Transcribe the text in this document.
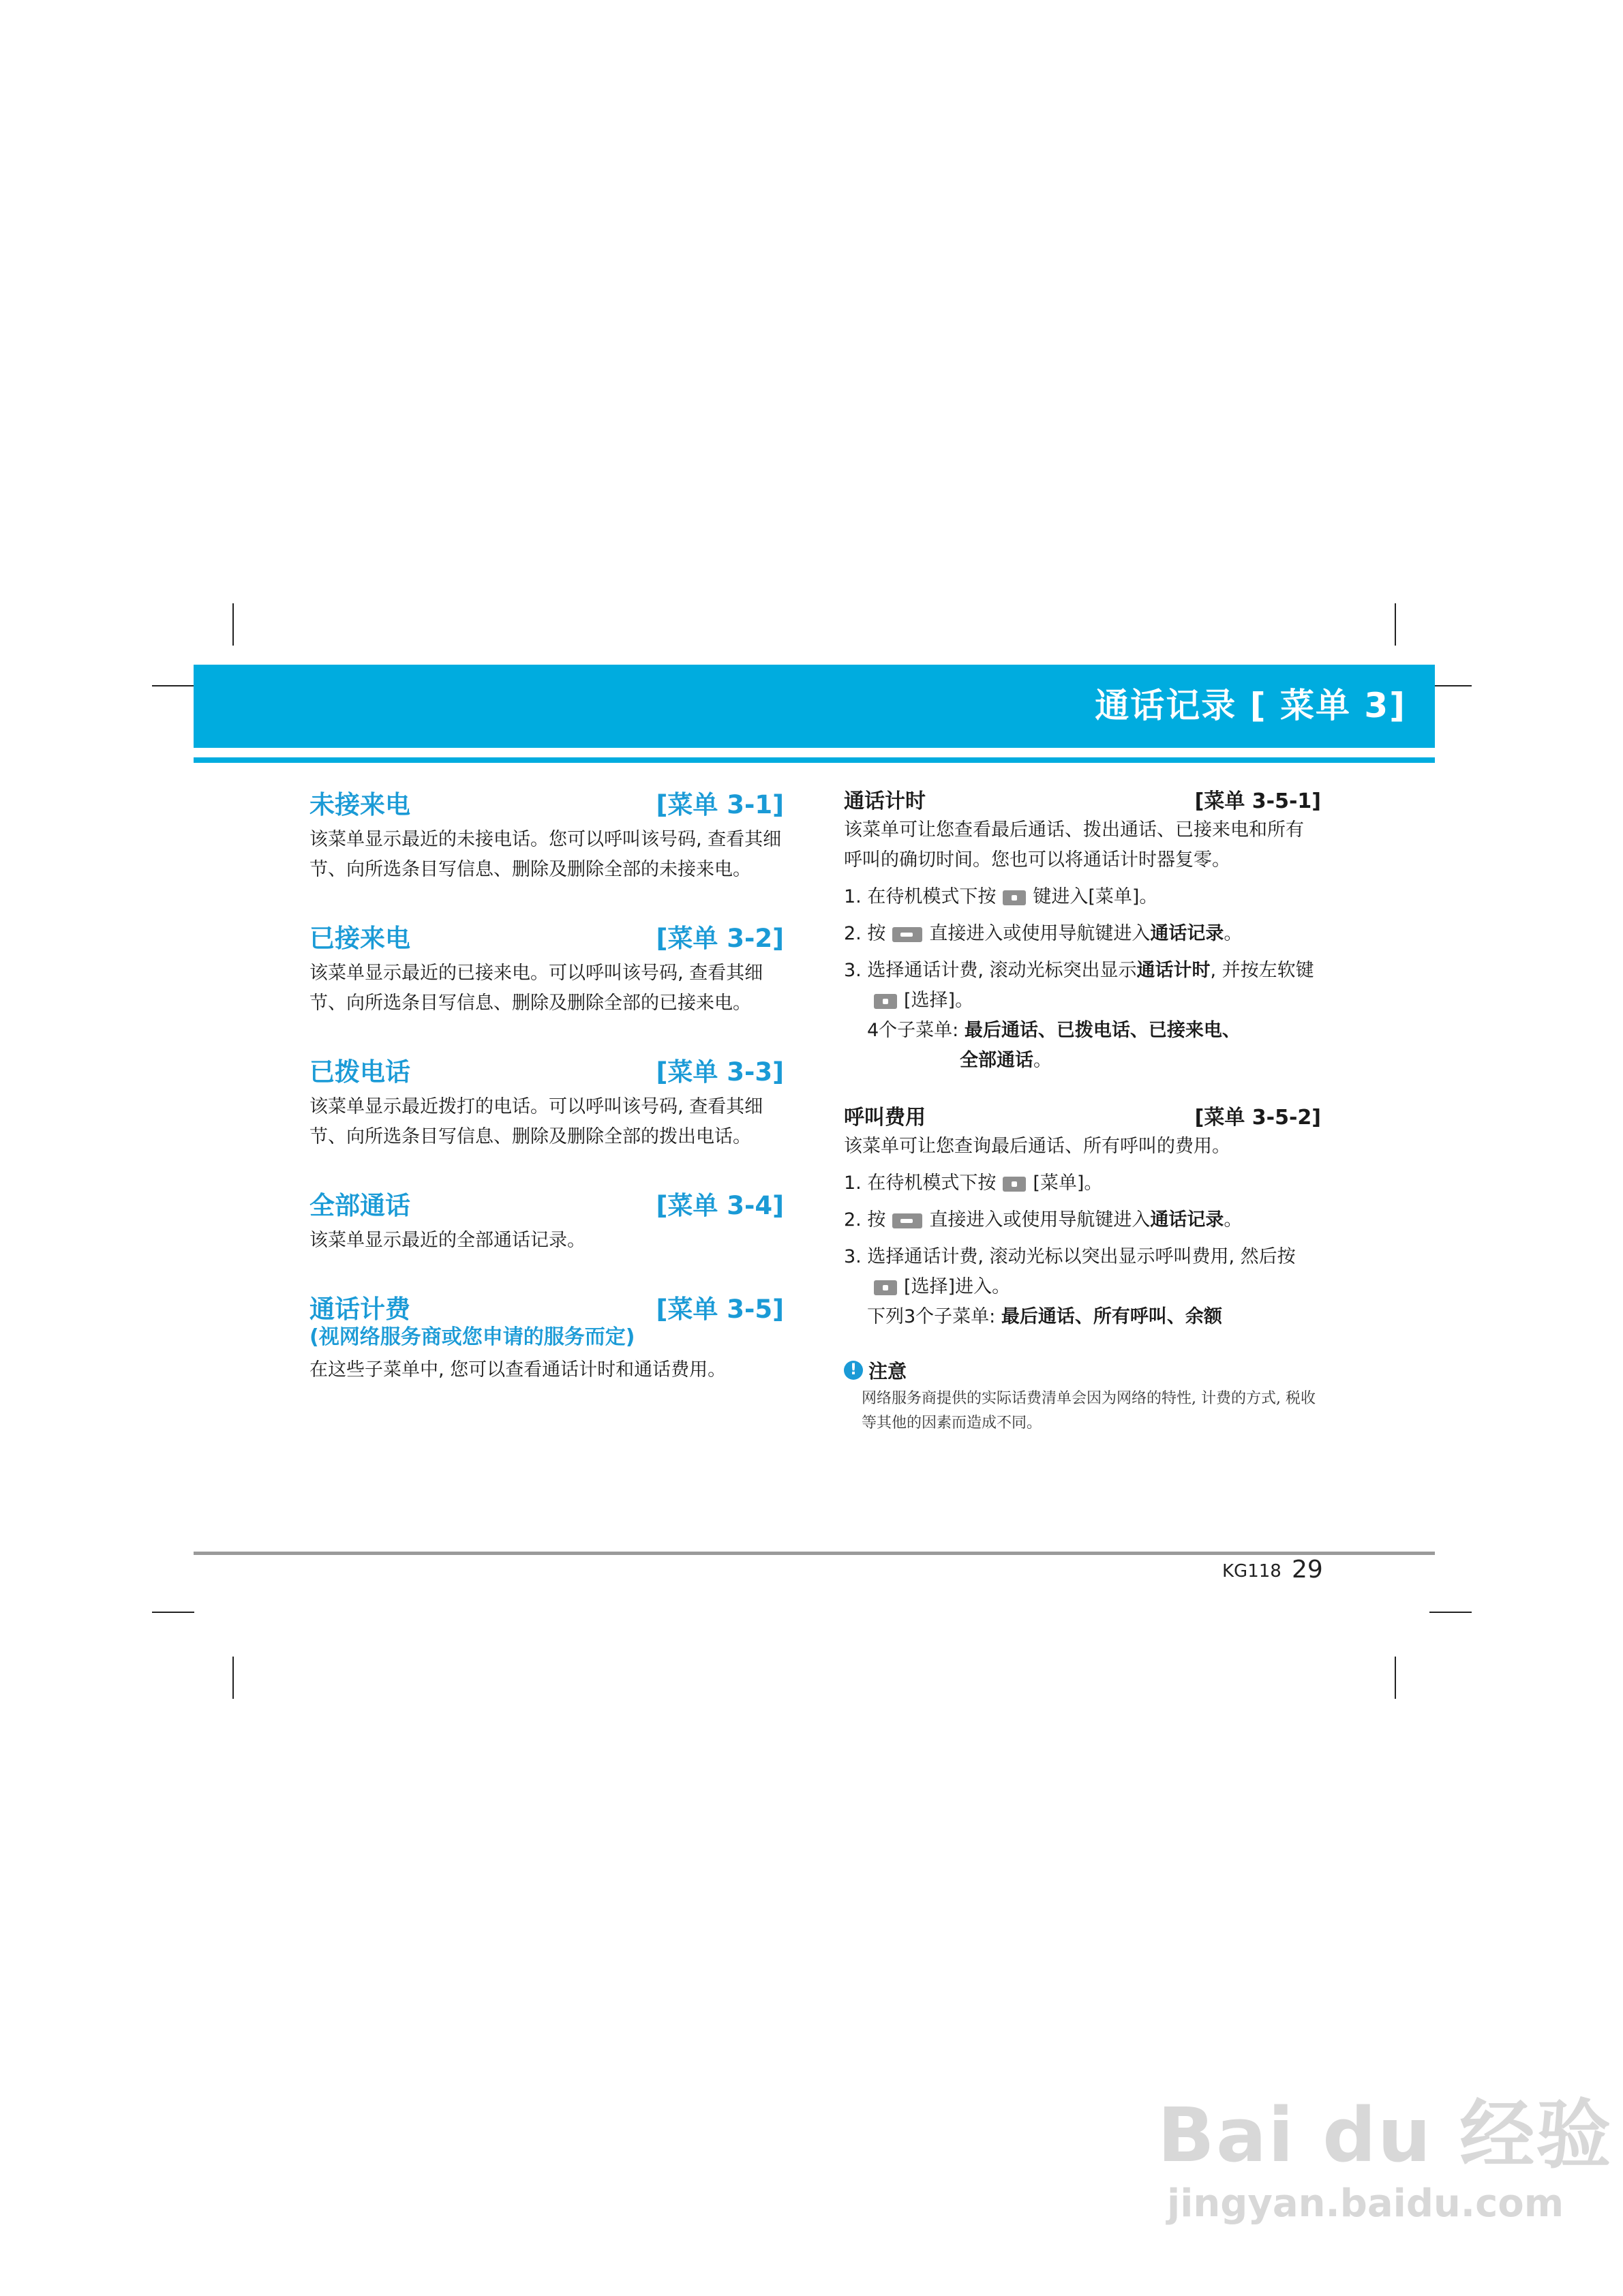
通话记录 [ 菜单 3]
未接来电	[菜单 3-1]
该菜单显示最近的未接电话。您可以呼叫该号码, 查看其细节、向所选条目写信息、删除及删除全部的未接来电。
已接来电	[菜单 3-2]
该菜单显示最近的已接来电。可以呼叫该号码, 查看其细节、向所选条目写信息、删除及删除全部的已接来电。
已拨电话	[菜单 3-3]
该菜单显示最近拨打的电话。可以呼叫该号码, 查看其细节、向所选条目写信息、删除及删除全部的拨出电话。
全部通话	[菜单 3-4]
该菜单显示最近的全部通话记录。
通话计费	[菜单 3-5]
(视网络服务商或您申请的服务而定)
在这些子菜单中, 您可以查看通话计时和通话费用。
通话计时	[菜单 3-5-1]
该菜单可让您查看最后通话、拨出通话、已接来电和所有呼叫的确切时间。您也可以将通话计时器复零。
1. 在待机模式下按 键进入[菜单]。
2. 按 直接进入或使用导航键进入通话记录。
3. 选择通话计费, 滚动光标突出显示通话计时, 并按左软键
[选择]。
4个子菜单: 最后通话、已拨电话、已接来电、
全部通话。
呼叫费用	[菜单 3-5-2]
该菜单可让您查询最后通话、所有呼叫的费用。
1. 在待机模式下按 [菜单]。
2. 按 直接进入或使用导航键进入通话记录。
3. 选择通话计费, 滚动光标以突出显示呼叫费用, 然后按
[选择]进入。
下列3个子菜单: 最后通话、所有呼叫、余额
! 注意
网络服务商提供的实际话费清单会因为网络的特性, 计费的方式, 税收等其他的因素而造成不同。
KG118 29
Bai du 经验
jingyan.baidu.com
